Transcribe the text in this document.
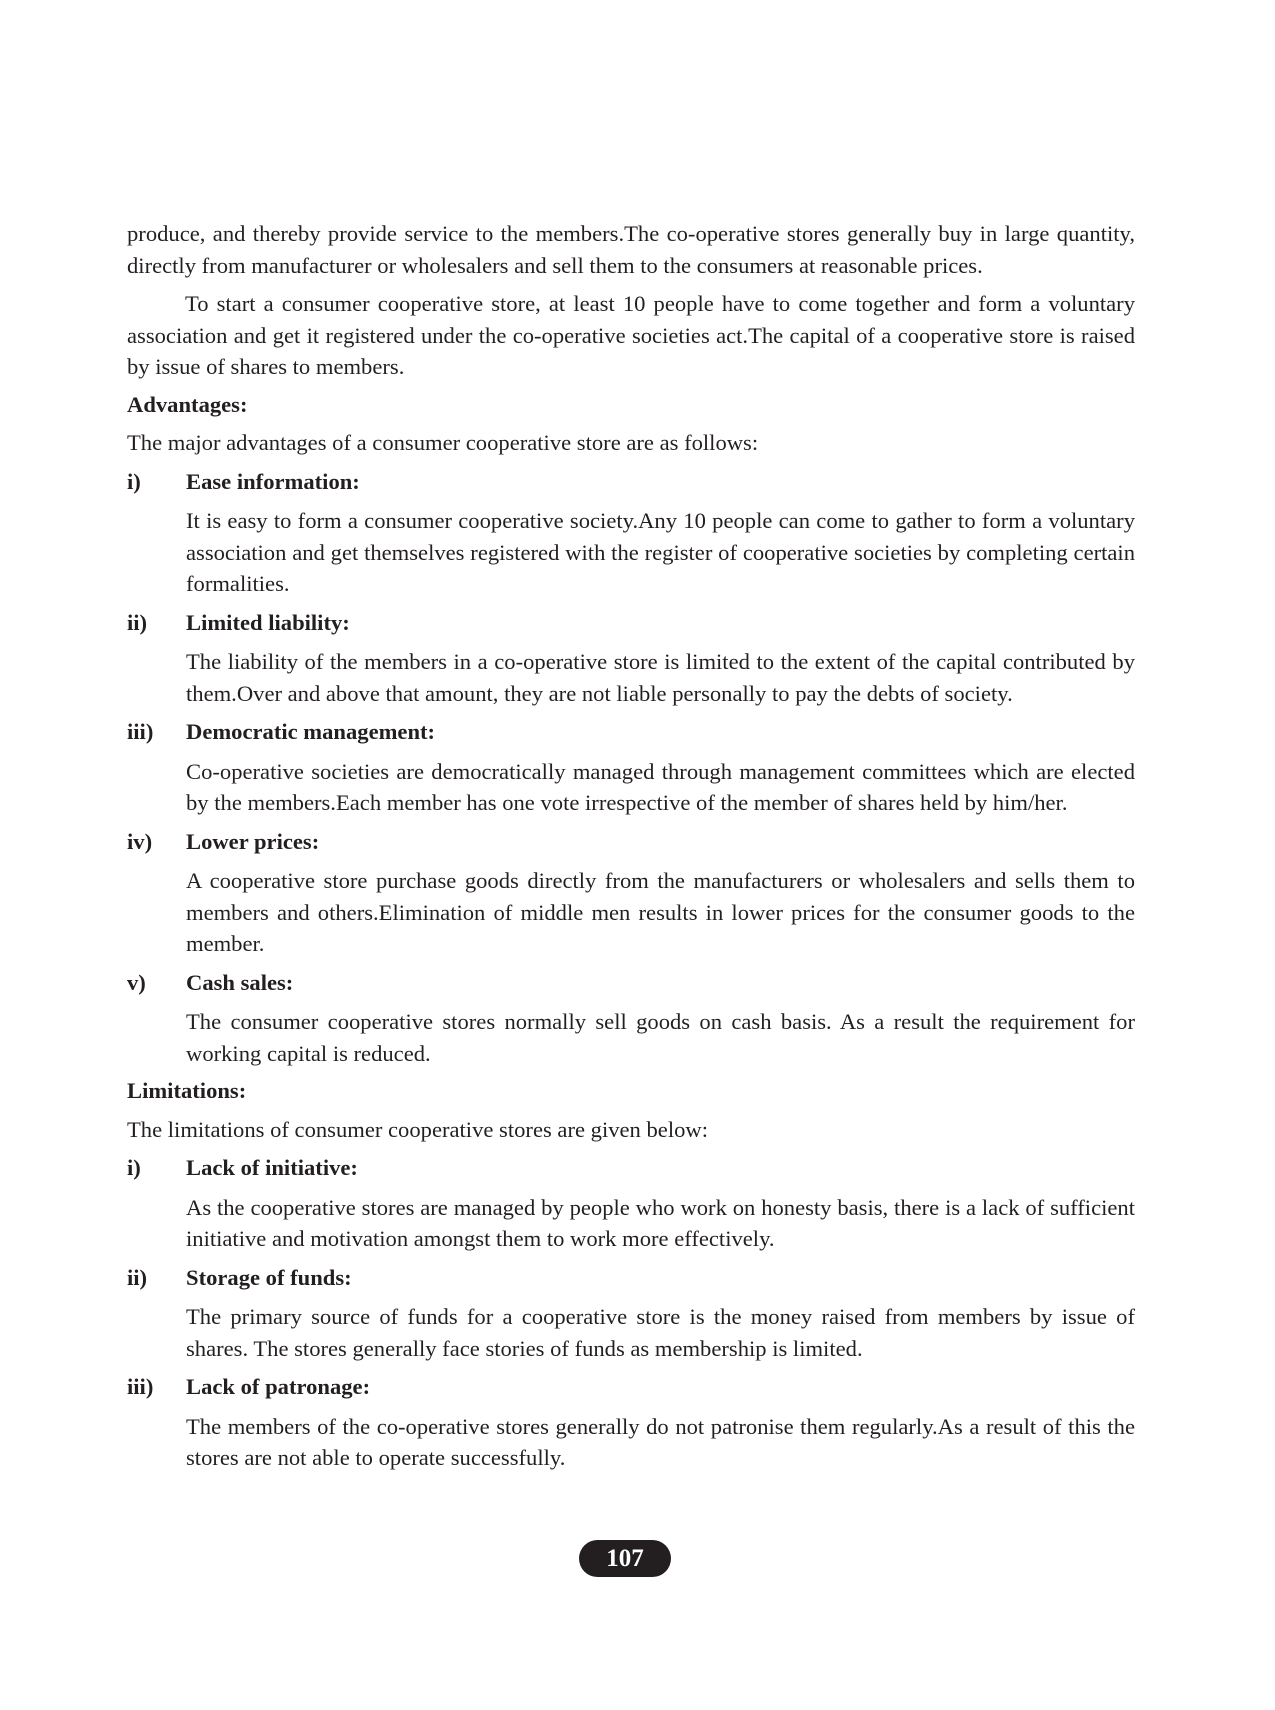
produce, and thereby provide service to the members.The co-operative stores generally buy in large quantity, directly from manufacturer or wholesalers and sell them to the consumers at reasonable prices.

To start a consumer cooperative store, at least 10 people have to come together and form a voluntary association and get it registered under the co-operative societies act.The capital of a cooperative store is raised by issue of shares to members.

Advantages:

The major advantages of a consumer cooperative store are as follows:

i)	Ease information:

It is easy to form a consumer cooperative society.Any 10 people can come to gather to form a voluntary association and get themselves registered with the register of cooperative societies by completing certain formalities.

ii)	Limited liability:

The liability of the members in a co-operative store is limited to the extent of the capital contributed by them.Over and above that amount, they are not liable personally to pay the debts of society.

iii)	Democratic management:

Co-operative societies are democratically managed through management committees which are elected by the members.Each member has one vote irrespective of the member of shares held by him/her.

iv)	Lower prices:

A cooperative store purchase goods directly from the manufacturers or wholesalers and sells them to members and others.Elimination of middle men results in lower prices for the consumer goods to the member.

v)	Cash sales:

The consumer cooperative stores normally sell goods on cash basis. As a result the requirement for working capital is reduced.

Limitations:

The limitations of consumer cooperative stores are given below:

i)	Lack of initiative:

As the cooperative stores are managed by people who work on honesty basis, there is a lack of sufficient initiative and motivation amongst them to work more effectively.

ii)	Storage of funds:

The primary source of funds for a cooperative store is the money raised from members by issue of shares. The stores generally face stories of funds as membership is limited.

iii)	Lack of patronage:

The members of the co-operative stores generally do not patronise them regularly.As a result of this the stores are not able to operate successfully.

107
